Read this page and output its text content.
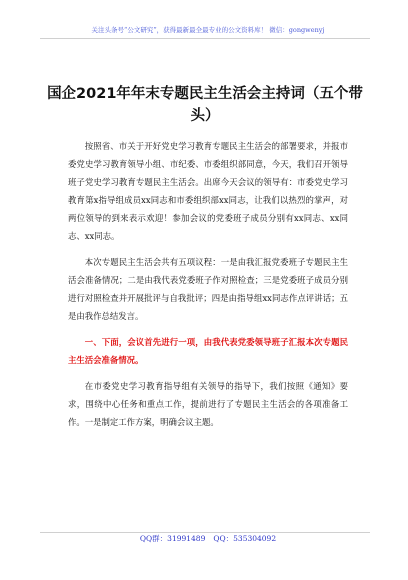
关注头条号“公文研究”，获得最新最全最专业的公文资料库！ 微信：gongwenyj
国企2021年年末专题民主生活会主持词（五个带头）

按照省、市关于开好党史学习教育专题民主生活会的部署要求，并报市委党史学习教育领导小组、市纪委、市委组织部同意，今天，我们召开领导班子党史学习教育专题民主生活会。出席今天会议的领导有：市委党史学习教育第x指导组成员xx同志和市委组织部xx同志，让我们以热烈的掌声，对两位领导的到来表示欢迎！参加会议的党委班子成员分别有xx同志、xx同志、xx同志。

本次专题民主生活会共有五项议程：一是由我汇报党委班子专题民主生活会准备情况；二是由我代表党委班子作对照检查；三是党委班子成员分别进行对照检查并开展批评与自我批评；四是由指导组xx同志作点评讲话；五是由我作总结发言。

一、下面，会议首先进行一项，由我代表党委领导班子汇报本次专题民主生活会准备情况。

在市委党史学习教育指导组有关领导的指导下，我们按照《通知》要求，围绕中心任务和重点工作，提前进行了专题民主生活会的各项准备工作。一是制定工作方案，明确会议主题。

QQ群：31991489 QQ：535304092
